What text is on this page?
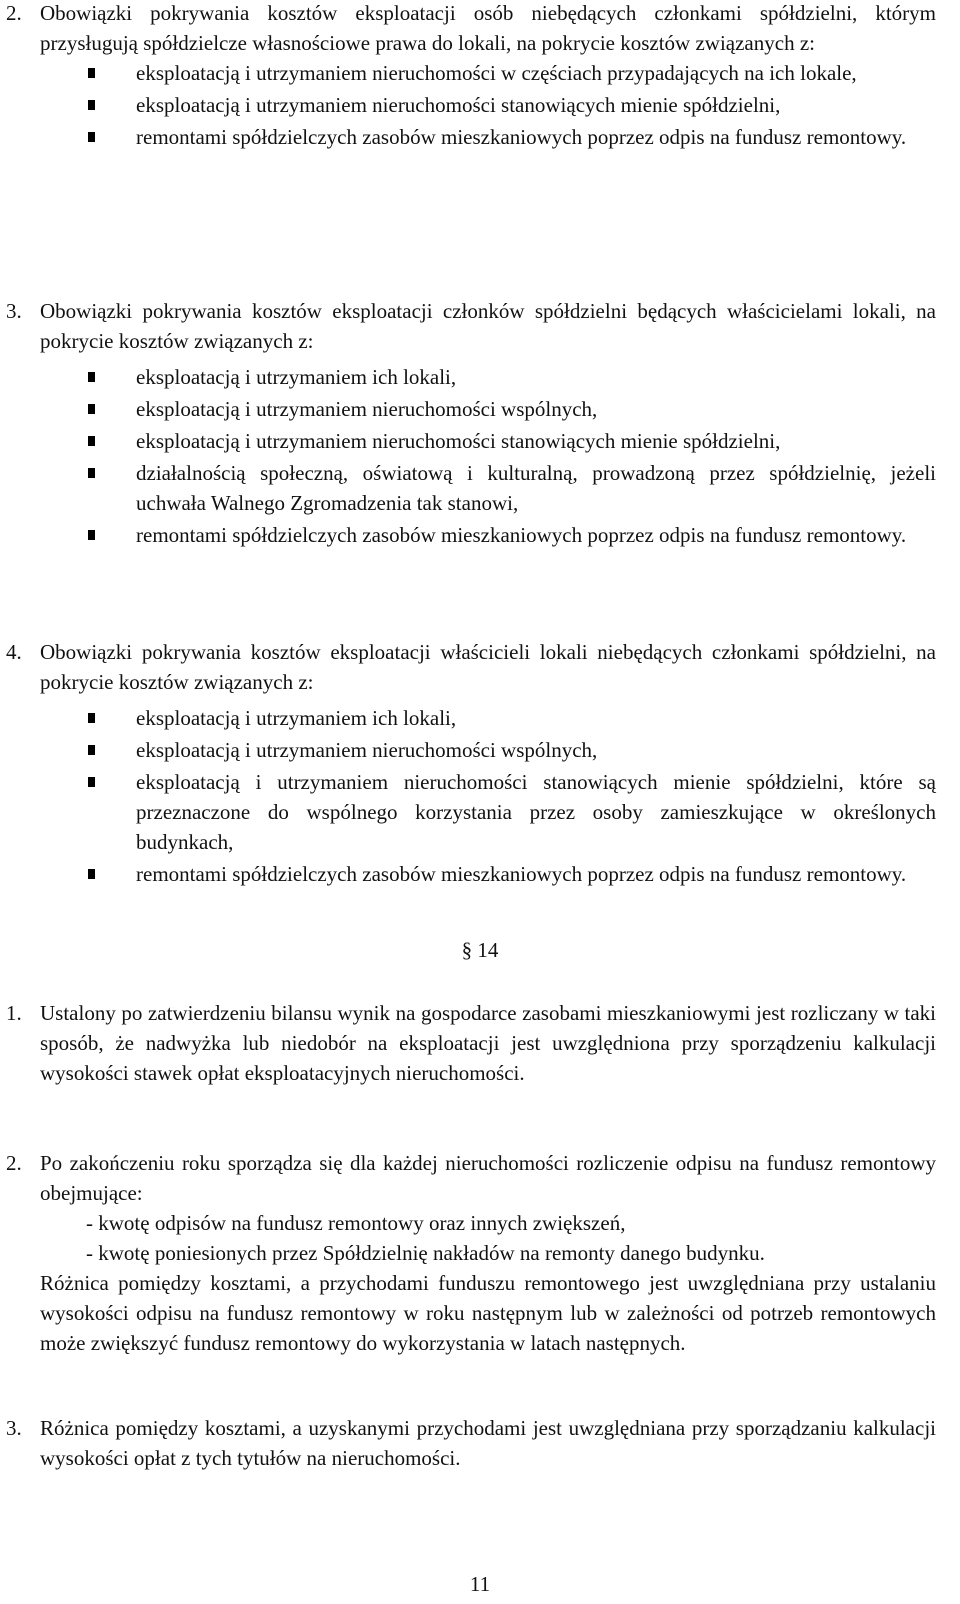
2. Obowiązki pokrywania kosztów eksploatacji osób niebędących członkami spółdzielni, którym przysługują spółdzielcze własnościowe prawa do lokali, na pokrycie kosztów związanych z:
eksploatacją i utrzymaniem nieruchomości w częściach przypadających na ich lokale,
eksploatacją i utrzymaniem nieruchomości stanowiących mienie spółdzielni,
remontami spółdzielczych zasobów mieszkaniowych poprzez odpis na fundusz remontowy.
3. Obowiązki pokrywania kosztów eksploatacji członków spółdzielni będących właścicielami lokali, na pokrycie kosztów związanych z:
eksploatacją i utrzymaniem ich lokali,
eksploatacją i utrzymaniem nieruchomości wspólnych,
eksploatacją i utrzymaniem nieruchomości stanowiących mienie spółdzielni,
działalnością społeczną, oświatową i kulturalną, prowadzoną przez spółdzielnię, jeżeli uchwała Walnego Zgromadzenia tak stanowi,
remontami spółdzielczych zasobów mieszkaniowych poprzez odpis na fundusz remontowy.
4. Obowiązki pokrywania kosztów eksploatacji właścicieli lokali niebędących członkami spółdzielni, na pokrycie kosztów związanych z:
eksploatacją i utrzymaniem ich lokali,
eksploatacją i utrzymaniem nieruchomości wspólnych,
eksploatacją i utrzymaniem nieruchomości stanowiących mienie spółdzielni, które są przeznaczone do wspólnego korzystania przez osoby zamieszkujące w określonych budynkach,
remontami spółdzielczych zasobów mieszkaniowych poprzez odpis na fundusz remontowy.
§ 14
1. Ustalony po zatwierdzeniu bilansu wynik na gospodarce zasobami mieszkaniowymi jest rozliczany w taki sposób, że nadwyżka lub niedobór na eksploatacji jest uwzględniona przy sporządzeniu kalkulacji wysokości stawek opłat eksploatacyjnych nieruchomości.
2. Po zakończeniu roku sporządza się dla każdej nieruchomości rozliczenie odpisu na fundusz remontowy obejmujące:
- kwotę odpisów na fundusz remontowy oraz innych zwiększeń,
- kwotę poniesionych przez Spółdzielnię nakładów na remonty danego budynku.
Różnica pomiędzy kosztami, a przychodami funduszu remontowego jest uwzględniana przy ustalaniu wysokości odpisu na fundusz remontowy w roku następnym lub w zależności od potrzeb remontowych może zwiększyć fundusz remontowy do wykorzystania w latach następnych.
3. Różnica pomiędzy kosztami, a uzyskanymi przychodami jest uwzględniana przy sporządzaniu kalkulacji wysokości opłat z tych tytułów na nieruchomości.
11
